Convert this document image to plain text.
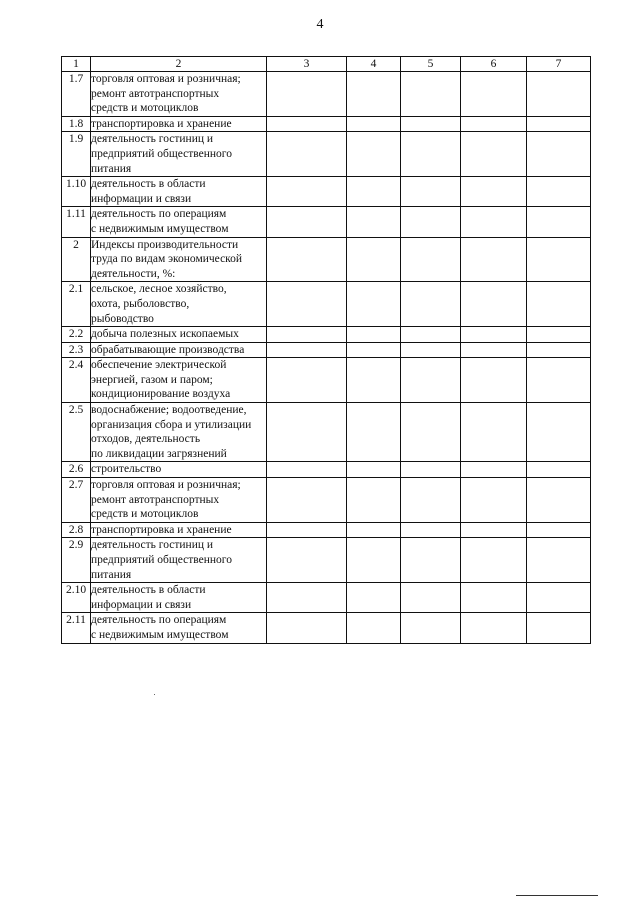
4
1	2	3	4	5	6	7
1.7	торговля оптовая и розничная;
ремонт автотранспортных
средств и мотоциклов					

1.8	транспортировка и хранение					

1.9	деятельность гостиниц и
предприятий общественного
питания					

1.10	деятельность в области
информации и связи					

1.11	деятельность по операциям
с недвижимым имуществом					

2	Индексы производительности
труда по видам экономической
деятельности, %:					

2.1	сельское, лесное хозяйство,
охота, рыболовство,
рыбоводство					

2.2	добыча полезных ископаемых					

2.3	обрабатывающие производства					

2.4	обеспечение электрической
энергией, газом и паром;
кондиционирование воздуха					

2.5	водоснабжение; водоотведение,
организация сбора и утилизации
отходов, деятельность
по ликвидации загрязнений					

2.6	строительство					

2.7	торговля оптовая и розничная;
ремонт автотранспортных
средств и мотоциклов					

2.8	транспортировка и хранение					

2.9	деятельность гостиниц и
предприятий общественного
питания					

2.10	деятельность в области
информации и связи					

2.11	деятельность по операциям
с недвижимым имуществом					
